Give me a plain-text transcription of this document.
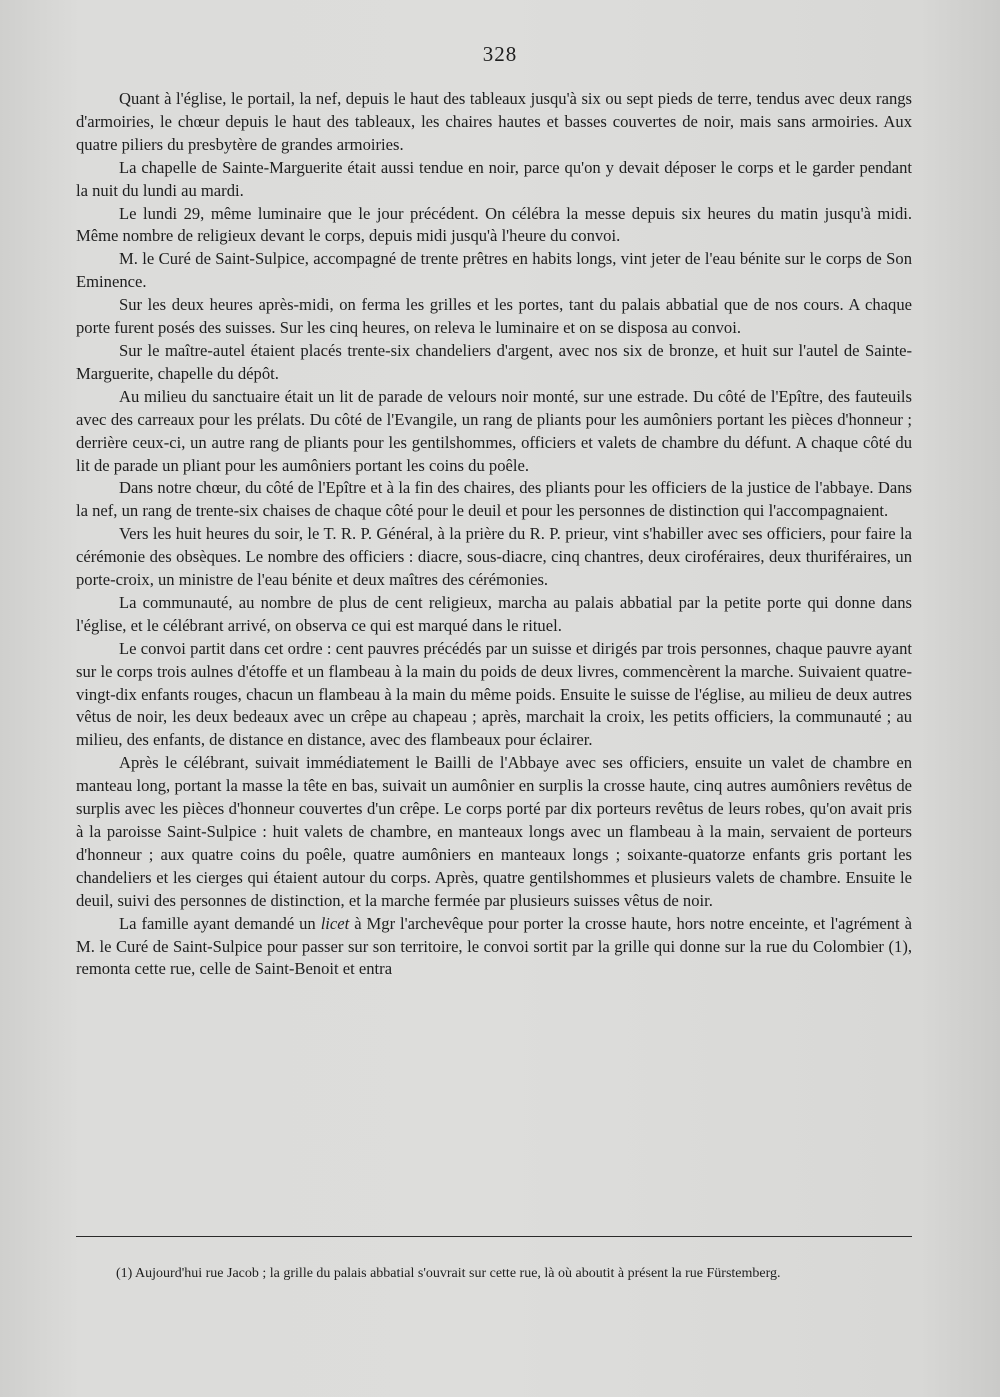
328

Quant à l'église, le portail, la nef, depuis le haut des tableaux jusqu'à six ou sept pieds de terre, tendus avec deux rangs d'armoiries, le chœur depuis le haut des tableaux, les chaires hautes et basses couvertes de noir, mais sans armoiries. Aux quatre piliers du presbytère de grandes armoiries.

La chapelle de Sainte-Marguerite était aussi tendue en noir, parce qu'on y devait déposer le corps et le garder pendant la nuit du lundi au mardi.

Le lundi 29, même luminaire que le jour précédent. On célébra la messe depuis six heures du matin jusqu'à midi. Même nombre de religieux devant le corps, depuis midi jusqu'à l'heure du convoi.

M. le Curé de Saint-Sulpice, accompagné de trente prêtres en habits longs, vint jeter de l'eau bénite sur le corps de Son Eminence.

Sur les deux heures après-midi, on ferma les grilles et les portes, tant du palais abbatial que de nos cours. A chaque porte furent posés des suisses. Sur les cinq heures, on releva le luminaire et on se disposa au convoi.

Sur le maître-autel étaient placés trente-six chandeliers d'argent, avec nos six de bronze, et huit sur l'autel de Sainte-Marguerite, chapelle du dépôt.

Au milieu du sanctuaire était un lit de parade de velours noir monté, sur une estrade. Du côté de l'Epître, des fauteuils avec des carreaux pour les prélats. Du côté de l'Evangile, un rang de pliants pour les aumôniers portant les pièces d'honneur ; derrière ceux-ci, un autre rang de pliants pour les gentilshommes, officiers et valets de chambre du défunt. A chaque côté du lit de parade un pliant pour les aumôniers portant les coins du poêle.

Dans notre chœur, du côté de l'Epître et à la fin des chaires, des pliants pour les officiers de la justice de l'abbaye. Dans la nef, un rang de trente-six chaises de chaque côté pour le deuil et pour les personnes de distinction qui l'accompagnaient.

Vers les huit heures du soir, le T. R. P. Général, à la prière du R. P. prieur, vint s'habiller avec ses officiers, pour faire la cérémonie des obsèques. Le nombre des officiers : diacre, sous-diacre, cinq chantres, deux ciroféraires, deux thuriféraires, un porte-croix, un ministre de l'eau bénite et deux maîtres des cérémonies.

La communauté, au nombre de plus de cent religieux, marcha au palais abbatial par la petite porte qui donne dans l'église, et le célébrant arrivé, on observa ce qui est marqué dans le rituel.

Le convoi partit dans cet ordre : cent pauvres précédés par un suisse et dirigés par trois personnes, chaque pauvre ayant sur le corps trois aulnes d'étoffe et un flambeau à la main du poids de deux livres, commencèrent la marche. Suivaient quatre-vingt-dix enfants rouges, chacun un flambeau à la main du même poids. Ensuite le suisse de l'église, au milieu de deux autres vêtus de noir, les deux bedeaux avec un crêpe au chapeau ; après, marchait la croix, les petits officiers, la communauté ; au milieu, des enfants, de distance en distance, avec des flambeaux pour éclairer.

Après le célébrant, suivait immédiatement le Bailli de l'Abbaye avec ses officiers, ensuite un valet de chambre en manteau long, portant la masse la tête en bas, suivait un aumônier en surplis la crosse haute, cinq autres aumôniers revêtus de surplis avec les pièces d'honneur couvertes d'un crêpe. Le corps porté par dix porteurs revêtus de leurs robes, qu'on avait pris à la paroisse Saint-Sulpice : huit valets de chambre, en manteaux longs avec un flambeau à la main, servaient de porteurs d'honneur ; aux quatre coins du poêle, quatre aumôniers en manteaux longs ; soixante-quatorze enfants gris portant les chandeliers et les cierges qui étaient autour du corps. Après, quatre gentilshommes et plusieurs valets de chambre. Ensuite le deuil, suivi des personnes de distinction, et la marche fermée par plusieurs suisses vêtus de noir.

La famille ayant demandé un licet à Mgr l'archevêque pour porter la crosse haute, hors notre enceinte, et l'agrément à M. le Curé de Saint-Sulpice pour passer sur son territoire, le convoi sortit par la grille qui donne sur la rue du Colombier (1), remonta cette rue, celle de Saint-Benoit et entra

(1) Aujourd'hui rue Jacob ; la grille du palais abbatial s'ouvrait sur cette rue, là où aboutit à présent la rue Fürstemberg.
